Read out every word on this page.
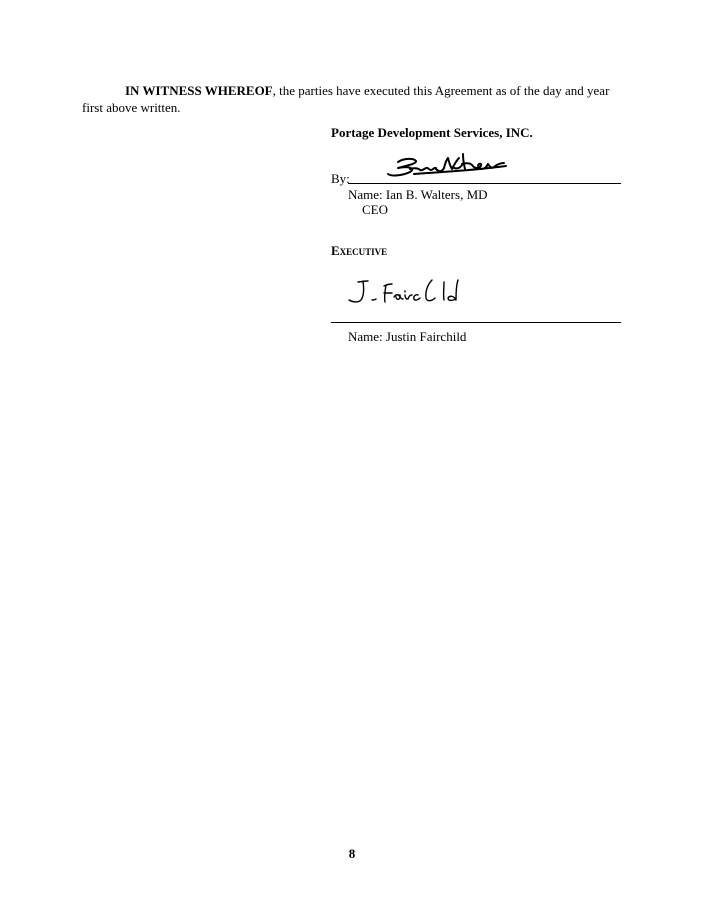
IN WITNESS WHEREOF, the parties have executed this Agreement as of the day and year first above written.
Portage Development Services, INC.
By:
Name: Ian B. Walters, MD
CEO
Executive
Name: Justin Fairchild
8
